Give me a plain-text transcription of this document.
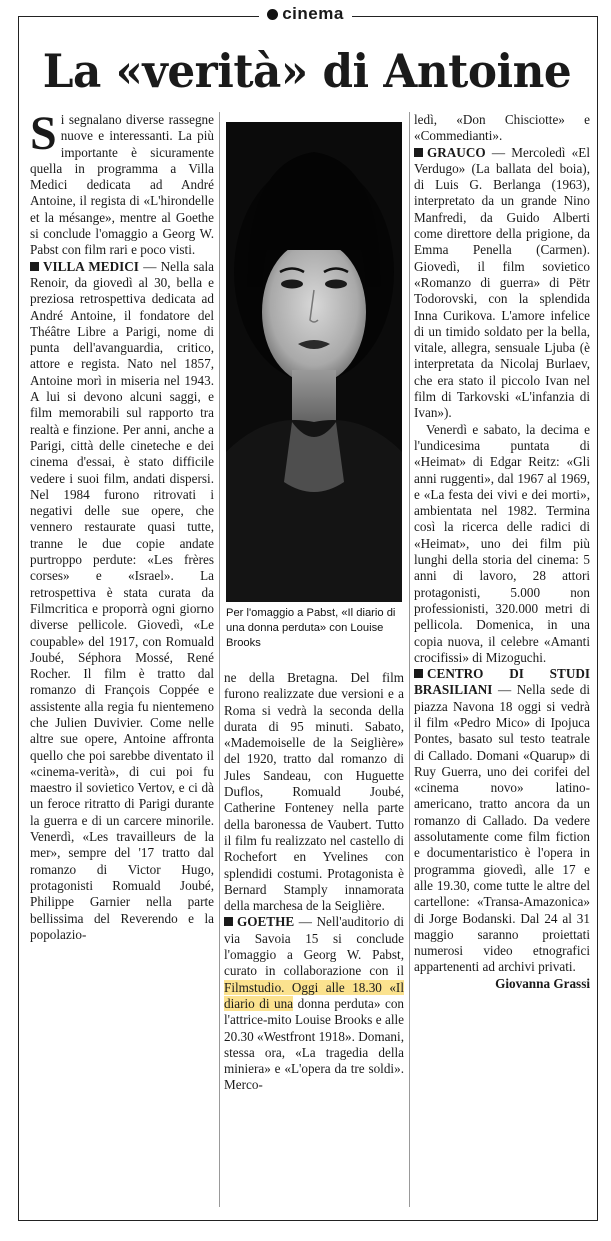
cinema
La «verità» di Antoine

Si segnalano diverse rassegne nuove e interessanti. La più importante è sicuramente quella in programma a Villa Medici dedicata ad André Antoine, il regista di «L'hirondelle et la mésange», mentre al Goethe si conclude l'omaggio a Georg W. Pabst con film rari e poco visti.

VILLA MEDICI — Nella sala Renoir, da giovedì al 30, bella e preziosa retrospettiva dedicata ad André Antoine, il fondatore del Théâtre Libre a Parigi, nome di punta dell'avanguardia, critico, attore e regista. Nato nel 1857, Antoine morì in miseria nel 1943. A lui si devono alcuni saggi, e film memorabili sul rapporto tra realtà e finzione. Per anni, anche a Parigi, città delle cineteche e dei cinema d'essai, è stato difficile vedere i suoi film, andati dispersi. Nel 1984 furono ritrovati i negativi delle sue opere, che vennero restaurate quasi tutte, tranne le due copie andate purtroppo perdute: «Les frères corses» e «Israel». La retrospettiva è stata curata da Filmcritica e proporrà ogni giorno diverse pellicole. Giovedì, «Le coupable» del 1917, con Romuald Joubé, Séphora Mossé, René Rocher. Il film è tratto dal romanzo di François Coppée e assistente alla regia fu nientemeno che Julien Duvivier. Come nelle altre sue opere, Antoine affronta quello che poi sarebbe diventato il «cinema-verità», di cui poi fu maestro il sovietico Vertov, e ci dà un feroce ritratto di Parigi durante la guerra e di un carcere minorile. Venerdì, «Les travailleurs de la mer», sempre del '17 tratto dal romanzo di Victor Hugo, protagonisti Romuald Joubé, Philippe Garnier nella parte bellissima del Reverendo e la popolazio-

Per l'omaggio a Pabst, «Il diario di una donna perduta» con Louise Brooks

ne della Bretagna. Del film furono realizzate due versioni e a Roma si vedrà la seconda della durata di 95 minuti. Sabato, «Mademoiselle de la Seiglière» del 1920, tratto dal romanzo di Jules Sandeau, con Huguette Duflos, Romuald Joubé, Catherine Fonteney nella parte della baronessa de Vaubert. Tutto il film fu realizzato nel castello di Rochefort en Yvelines con splendidi costumi. Protagonista è Bernard Stamply innamorata della marchesa de la Seiglière.

GOETHE — Nell'auditorio di via Savoia 15 si conclude l'omaggio a Georg W. Pabst, curato in collaborazione con il Filmstudio. Oggi alle 18.30 «Il diario di una donna perduta» con l'attrice-mito Louise Brooks e alle 20.30 «Westfront 1918». Domani, stessa ora, «La tragedia della miniera» e «L'opera da tre soldi». Merco-

ledì, «Don Chisciotte» e «Commedianti».

GRAUCO — Mercoledì «El Verdugo» (La ballata del boia), di Luis G. Berlanga (1963), interpretato da un grande Nino Manfredi, da Guido Alberti come direttore della prigione, da Emma Penella (Carmen). Giovedì, il film sovietico «Romanzo di guerra» di Pëtr Todorovski, con la splendida Inna Curikova. L'amore infelice di un timido soldato per la bella, vitale, allegra, sensuale Ljuba (è interpretata da Nicolaj Burlaev, che era stato il piccolo Ivan nel film di Tarkovski «L'infanzia di Ivan»).

Venerdì e sabato, la decima e l'undicesima puntata di «Heimat» di Edgar Reitz: «Gli anni ruggenti», dal 1967 al 1969, e «La festa dei vivi e dei morti», ambientata nel 1982. Termina così la ricerca delle radici di «Heimat», uno dei film più lunghi della storia del cinema: 5 anni di lavoro, 28 attori protagonisti, 5.000 non professionisti, 320.000 metri di pellicola. Domenica, in una copia nuova, il celebre «Amanti crocifissi» di Mizoguchi.

CENTRO DI STUDI BRASILIANI — Nella sede di piazza Navona 18 oggi si vedrà il film «Pedro Mico» di Ipojuca Pontes, basato sul testo teatrale di Callado. Domani «Quarup» di Ruy Guerra, uno dei corifei del «cinema novo» latino-americano, tratto ancora da un romanzo di Callado. Da vedere assolutamente come film fiction e documentaristico è l'opera in programma giovedì, alle 17 e alle 19.30, come tutte le altre del cartellone: «Transa-Amazonica» di Jorge Bodanski. Dal 24 al 31 maggio saranno proiettati numerosi video etnografici appartenenti ad archivi privati.

Giovanna Grassi
